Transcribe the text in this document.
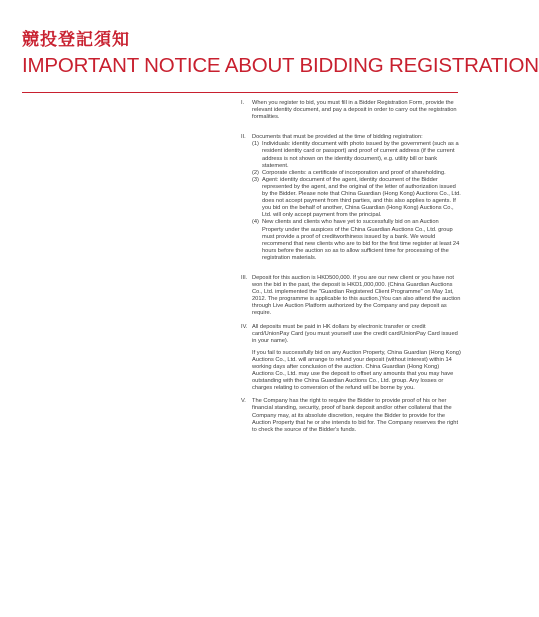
競投登記須知
IMPORTANT NOTICE ABOUT BIDDING REGISTRATION
I.	When you register to bid, you must fill in a Bidder Registration Form, provide the relevant identity document, and pay a deposit in order to carry out the registration formalities.
II.	Documents that must be provided at the time of bidding registration:
(1) Individuals: identity document with photo issued by the government (such as a resident identity card or passport) and proof of current address (if the current address is not shown on the identity document), e.g. utility bill or bank statement.
(2) Corporate clients: a certificate of incorporation and proof of shareholding.
(3) Agent: identity document of the agent, identity document of the Bidder represented by the agent, and the original of the letter of authorization issued by the Bidder. Please note that China Guardian (Hong Kong) Auctions Co., Ltd. does not accept payment from third parties, and this also applies to agents. If you bid on the behalf of another, China Guardian (Hong Kong) Auctions Co., Ltd. will only accept payment from the principal.
(4) New clients and clients who have yet to successfully bid on an Auction Property under the auspices of the China Guardian Auctions Co., Ltd. group must provide a proof of creditworthiness issued by a bank. We would recommend that new clients who are to bid for the first time register at least 24 hours before the auction so as to allow sufficient time for processing of the registration materials.
III. Deposit for this auction is HKD500,000. If you are our new client or you have not won the bid in the past, the deposit is HKD1,000,000. (China Guardian Auctions Co., Ltd. implemented the "Guardian Registered Client Programme" on May 1st, 2012. The programme is applicable to this auction.)You can also attend the auction through Live Auction Platform authorized by the Company and pay deposit as require.
IV. All deposits must be paid in HK dollars by electronic transfer or credit card/UnionPay Card (you must yourself use the credit card/UnionPay Card issued in your name).
If you fail to successfully bid on any Auction Property, China Guardian (Hong Kong) Auctions Co., Ltd. will arrange to refund your deposit (without interest) within 14 working days after conclusion of the auction. China Guardian (Hong Kong) Auctions Co., Ltd. may use the deposit to offset any amounts that you may have outstanding with the China Guardian Auctions Co., Ltd. group. Any losses or charges relating to conversion of the refund will be borne by you.
V.	The Company has the right to require the Bidder to provide proof of his or her financial standing, security, proof of bank deposit and/or other collateral that the Company may, at its absolute discretion, require the Bidder to provide for the Auction Property that he or she intends to bid for. The Company reserves the right to check the source of the Bidder's funds.
